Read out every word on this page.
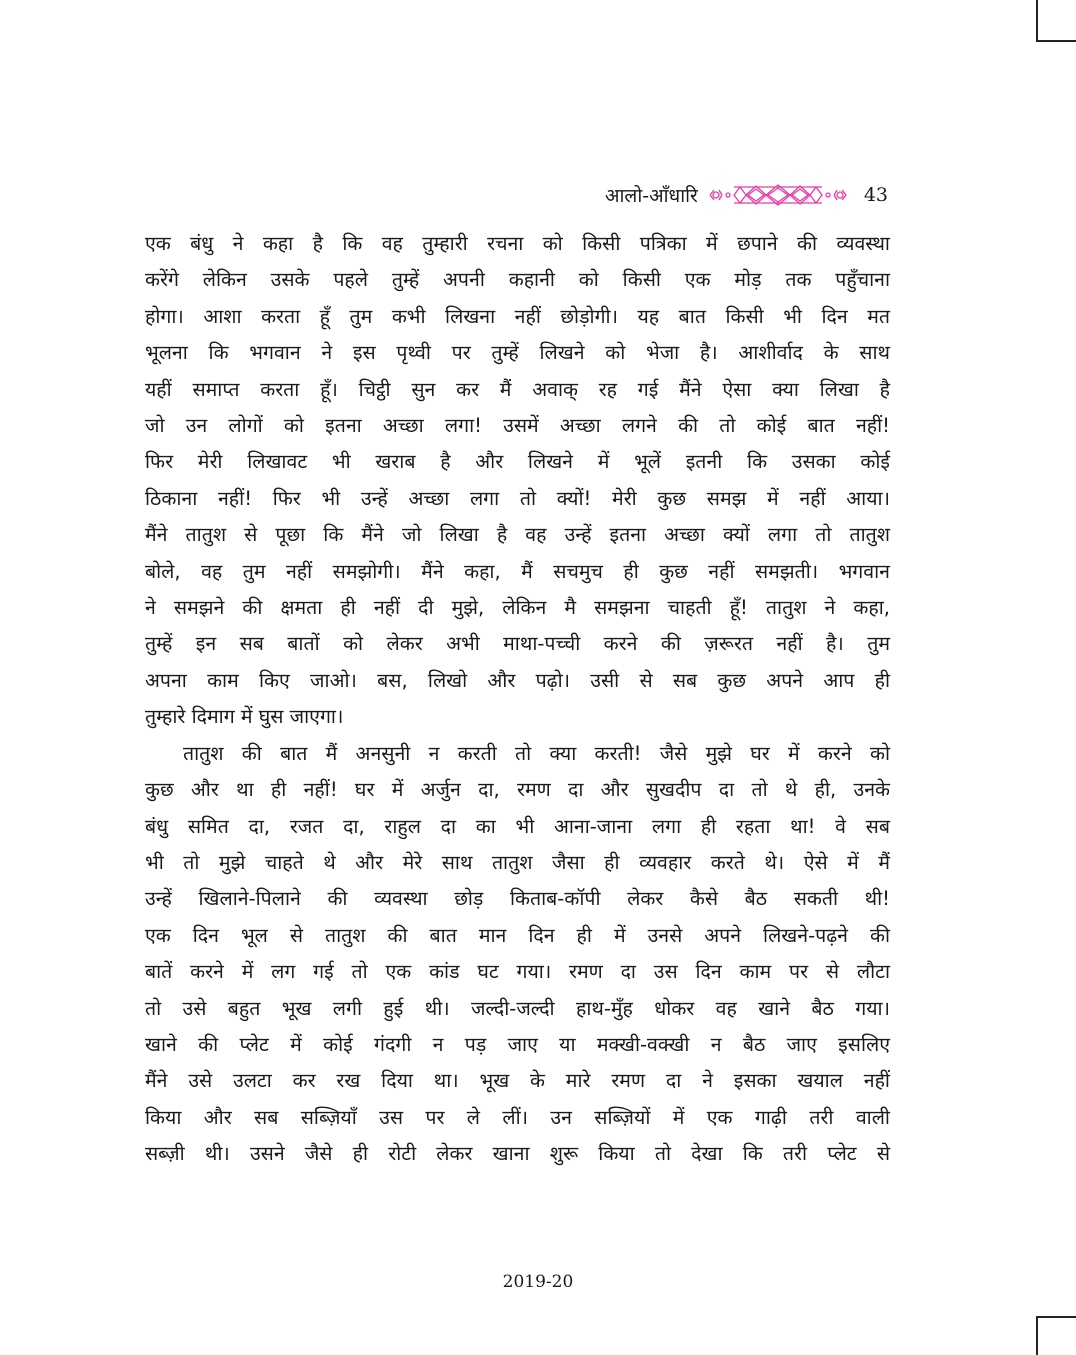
आलो-आँधारि	43

एक बंधु ने कहा है कि वह तुम्हारी रचना को किसी पत्रिका में छपाने की व्यवस्था

करेंगे लेकिन उसके पहले तुम्हें अपनी कहानी को किसी एक मोड़ तक पहुँचाना

होगा। आशा करता हूँ तुम कभी लिखना नहीं छोड़ोगी। यह बात किसी भी दिन मत

भूलना कि भगवान ने इस पृथ्वी पर तुम्हें लिखने को भेजा है। आशीर्वाद के साथ

यहीं समाप्त करता हूँ। चिट्ठी सुन कर मैं अवाक् रह गई मैंने ऐसा क्या लिखा है

जो उन लोगों को इतना अच्छा लगा! उसमें अच्छा लगने की तो कोई बात नहीं!

फिर मेरी लिखावट भी खराब है और लिखने में भूलें इतनी कि उसका कोई

ठिकाना नहीं! फिर भी उन्हें अच्छा लगा तो क्यों! मेरी कुछ समझ में नहीं आया।

मैंने तातुश से पूछा कि मैंने जो लिखा है वह उन्हें इतना अच्छा क्यों लगा तो तातुश

बोले, वह तुम नहीं समझोगी। मैंने कहा, मैं सचमुच ही कुछ नहीं समझती। भगवान

ने समझने की क्षमता ही नहीं दी मुझे, लेकिन मै समझना चाहती हूँ! तातुश ने कहा,

तुम्हें इन सब बातों को लेकर अभी माथा-पच्ची करने की ज़रूरत नहीं है। तुम

अपना काम किए जाओ। बस, लिखो और पढ़ो। उसी से सब कुछ अपने आप ही

तुम्हारे दिमाग में घुस जाएगा।

तातुश की बात मैं अनसुनी न करती तो क्या करती! जैसे मुझे घर में करने को

कुछ और था ही नहीं! घर में अर्जुन दा, रमण दा और सुखदीप दा तो थे ही, उनके

बंधु समित दा, रजत दा, राहुल दा का भी आना-जाना लगा ही रहता था! वे सब

भी तो मुझे चाहते थे और मेरे साथ तातुश जैसा ही व्यवहार करते थे। ऐसे में मैं

उन्हें खिलाने-पिलाने की व्यवस्था छोड़ किताब-कॉपी लेकर कैसे बैठ सकती थी!

एक दिन भूल से तातुश की बात मान दिन ही में उनसे अपने लिखने-पढ़ने की

बातें करने में लग गई तो एक कांड घट गया। रमण दा उस दिन काम पर से लौटा

तो उसे बहुत भूख लगी हुई थी। जल्दी-जल्दी हाथ-मुँह धोकर वह खाने बैठ गया।

खाने की प्लेट में कोई गंदगी न पड़ जाए या मक्खी-वक्खी न बैठ जाए इसलिए

मैंने उसे उलटा कर रख दिया था। भूख के मारे रमण दा ने इसका खयाल नहीं

किया और सब सब्ज़ियाँ उस पर ले लीं। उन सब्ज़ियों में एक गाढ़ी तरी वाली

सब्ज़ी थी। उसने जैसे ही रोटी लेकर खाना शुरू किया तो देखा कि तरी प्लेट से

2019-20
